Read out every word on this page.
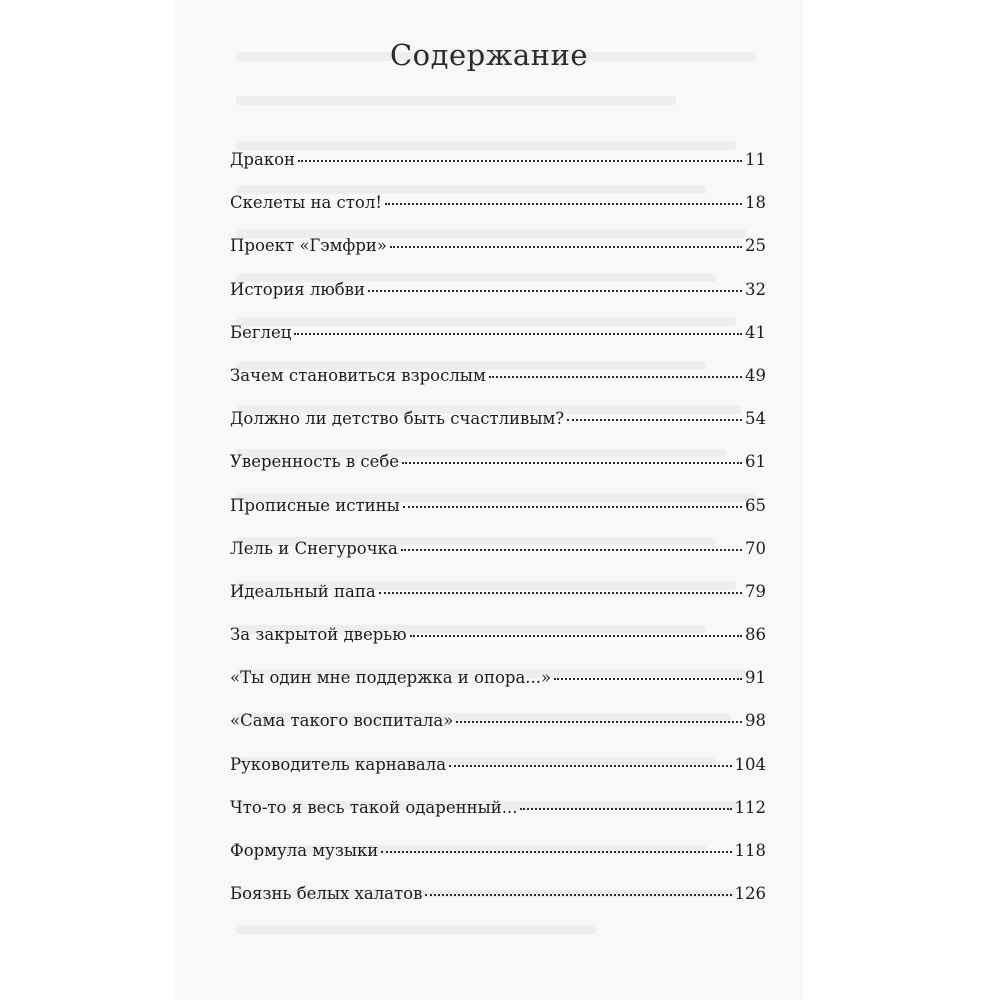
Содержание
Дракон	11
Скелеты на стол!	18
Проект «Гэмфри»	25
История любви	32
Беглец	41
Зачем становиться взрослым	49
Должно ли детство быть счастливым?	54
Уверенность в себе	61
Прописные истины	65
Лель и Снегурочка	70
Идеальный папа	79
За закрытой дверью	86
«Ты один мне поддержка и опора...»	91
«Сама такого воспитала»	98
Руководитель карнавала	104
Что-то я весь такой одаренный...	112
Формула музыки	118
Боязнь белых халатов	126
